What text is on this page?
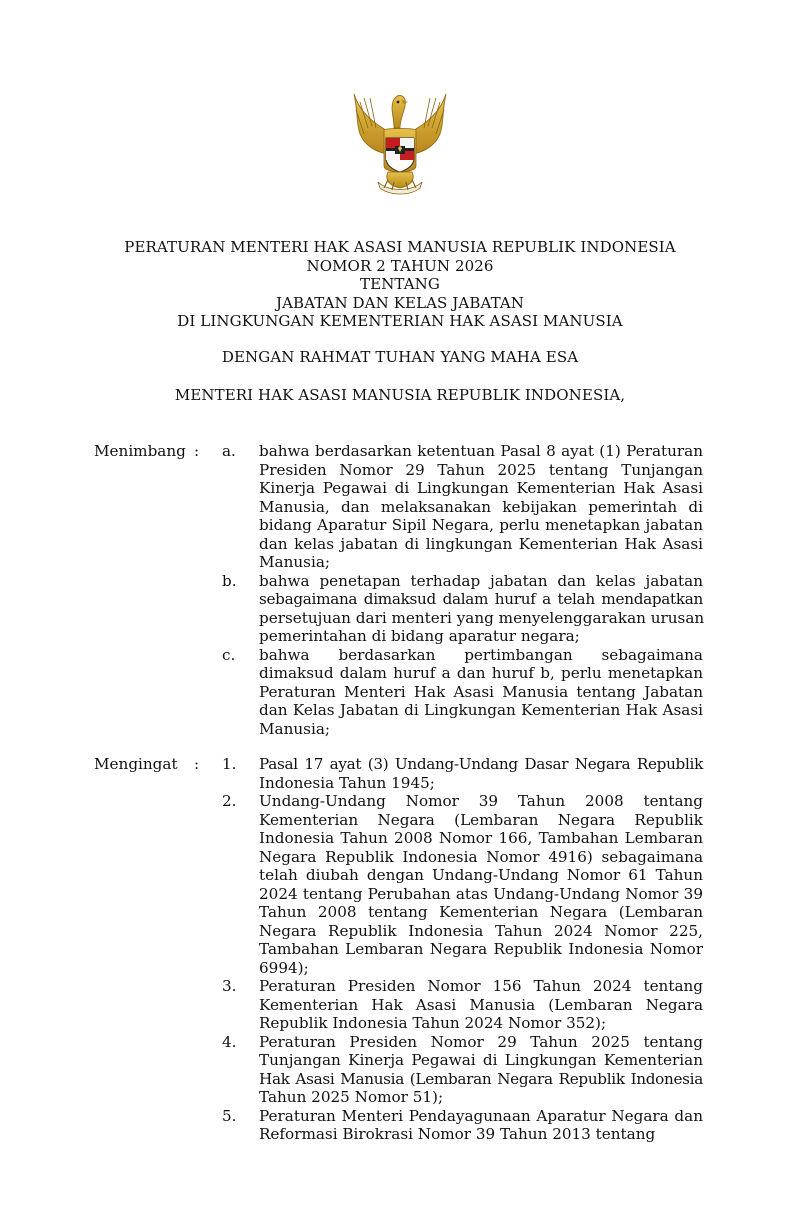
PERATURAN MENTERI HAK ASASI MANUSIA REPUBLIK INDONESIA
NOMOR 2 TAHUN 2026
TENTANG
JABATAN DAN KELAS JABATAN
DI LINGKUNGAN KEMENTERIAN HAK ASASI MANUSIA
DENGAN RAHMAT TUHAN YANG MAHA ESA
MENTERI HAK ASASI MANUSIA REPUBLIK INDONESIA,
Menimbang : a. bahwa berdasarkan ketentuan Pasal 8 ayat (1) Peraturan
Presiden Nomor 29 Tahun 2025 tentang Tunjangan
Kinerja Pegawai di Lingkungan Kementerian Hak Asasi
Manusia, dan melaksanakan kebijakan pemerintah di
bidang Aparatur Sipil Negara, perlu menetapkan jabatan
dan kelas jabatan di lingkungan Kementerian Hak Asasi
Manusia;
b. bahwa penetapan terhadap jabatan dan kelas jabatan
sebagaimana dimaksud dalam huruf a telah mendapatkan
persetujuan dari menteri yang menyelenggarakan urusan
pemerintahan di bidang aparatur negara;
c. bahwa berdasarkan pertimbangan sebagaimana
dimaksud dalam huruf a dan huruf b, perlu menetapkan
Peraturan Menteri Hak Asasi Manusia tentang Jabatan
dan Kelas Jabatan di Lingkungan Kementerian Hak Asasi
Manusia;
Mengingat : 1. Pasal 17 ayat (3) Undang-Undang Dasar Negara Republik
Indonesia Tahun 1945;
2. Undang-Undang Nomor 39 Tahun 2008 tentang
Kementerian Negara (Lembaran Negara Republik
Indonesia Tahun 2008 Nomor 166, Tambahan Lembaran
Negara Republik Indonesia Nomor 4916) sebagaimana
telah diubah dengan Undang-Undang Nomor 61 Tahun
2024 tentang Perubahan atas Undang-Undang Nomor 39
Tahun 2008 tentang Kementerian Negara (Lembaran
Negara Republik Indonesia Tahun 2024 Nomor 225,
Tambahan Lembaran Negara Republik Indonesia Nomor
6994);
3. Peraturan Presiden Nomor 156 Tahun 2024 tentang
Kementerian Hak Asasi Manusia (Lembaran Negara
Republik Indonesia Tahun 2024 Nomor 352);
4. Peraturan Presiden Nomor 29 Tahun 2025 tentang
Tunjangan Kinerja Pegawai di Lingkungan Kementerian
Hak Asasi Manusia (Lembaran Negara Republik Indonesia
Tahun 2025 Nomor 51);
5. Peraturan Menteri Pendayagunaan Aparatur Negara dan
Reformasi Birokrasi Nomor 39 Tahun 2013 tentang
